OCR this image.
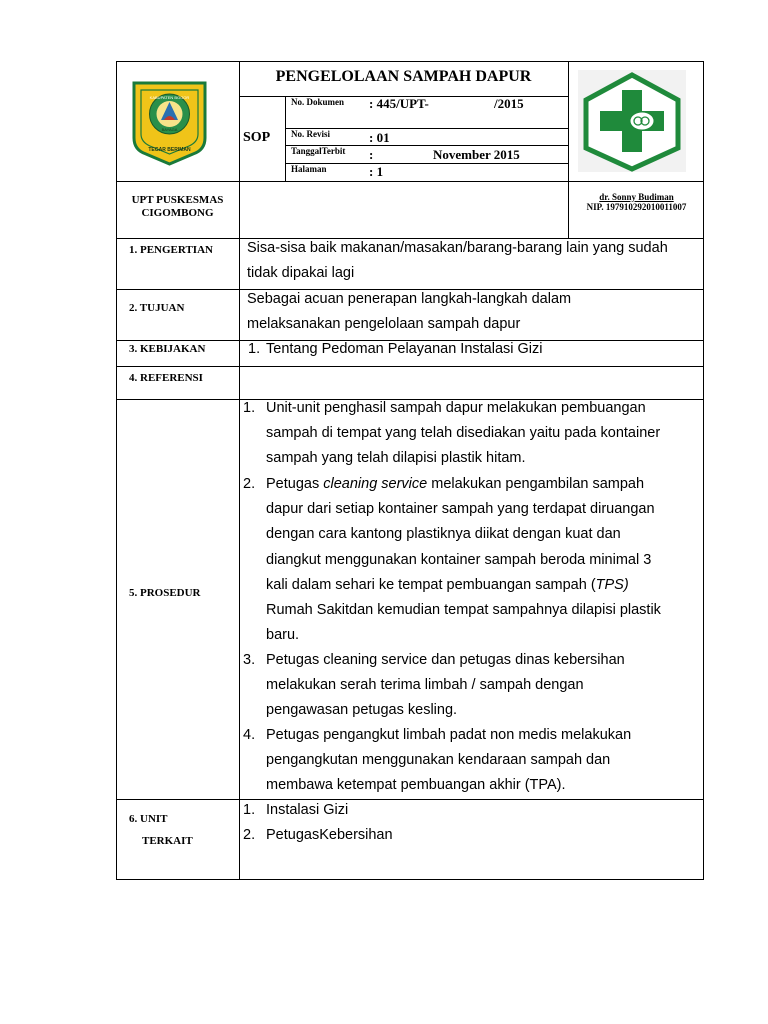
KABUPATEN BOGOR
BAYAGA
TEGAR BERIMAN
PENGELOLAAN SAMPAH DAPUR
SOP
No. Dokumen : 445/UPT-	/2015
No. Revisi	: 01
TanggalTerbit :	November 2015
Halaman	: 1
UPT PUSKESMAS
CIGOMBONG
dr. Sonny Budiman
NIP. 197910292010011007
1. PENGERTIAN Sisa-sisa baik makanan/masakan/barang-barang lain yang sudah
tidak dipakai lagi
2. TUJUAN
Sebagai acuan penerapan langkah-langkah dalam
melaksanakan pengelolaan sampah dapur
3. KEBIJAKAN	1. Tentang Pedoman Pelayanan Instalasi Gizi
4. REFERENSI
5. PROSEDUR
1. Unit-unit penghasil sampah dapur melakukan pembuangan
sampah di tempat yang telah disediakan yaitu pada kontainer
sampah yang telah dilapisi plastik hitam.
2. Petugas cleaning service melakukan pengambilan sampah
dapur dari setiap kontainer sampah yang terdapat diruangan
dengan cara kantong plastiknya diikat dengan kuat dan
diangkut menggunakan kontainer sampah beroda minimal 3
kali dalam sehari ke tempat pembuangan sampah (TPS)
Rumah Sakitdan kemudian tempat sampahnya dilapisi plastik
baru.
3. Petugas cleaning service dan petugas dinas kebersihan
melakukan serah terima limbah / sampah dengan
pengawasan petugas kesling.
4. Petugas pengangkut limbah padat non medis melakukan
pengangkutan menggunakan kendaraan sampah dan
membawa ketempat pembuangan akhir (TPA).
6. UNIT
TERKAIT
1. Instalasi Gizi
2. PetugasKebersihan
